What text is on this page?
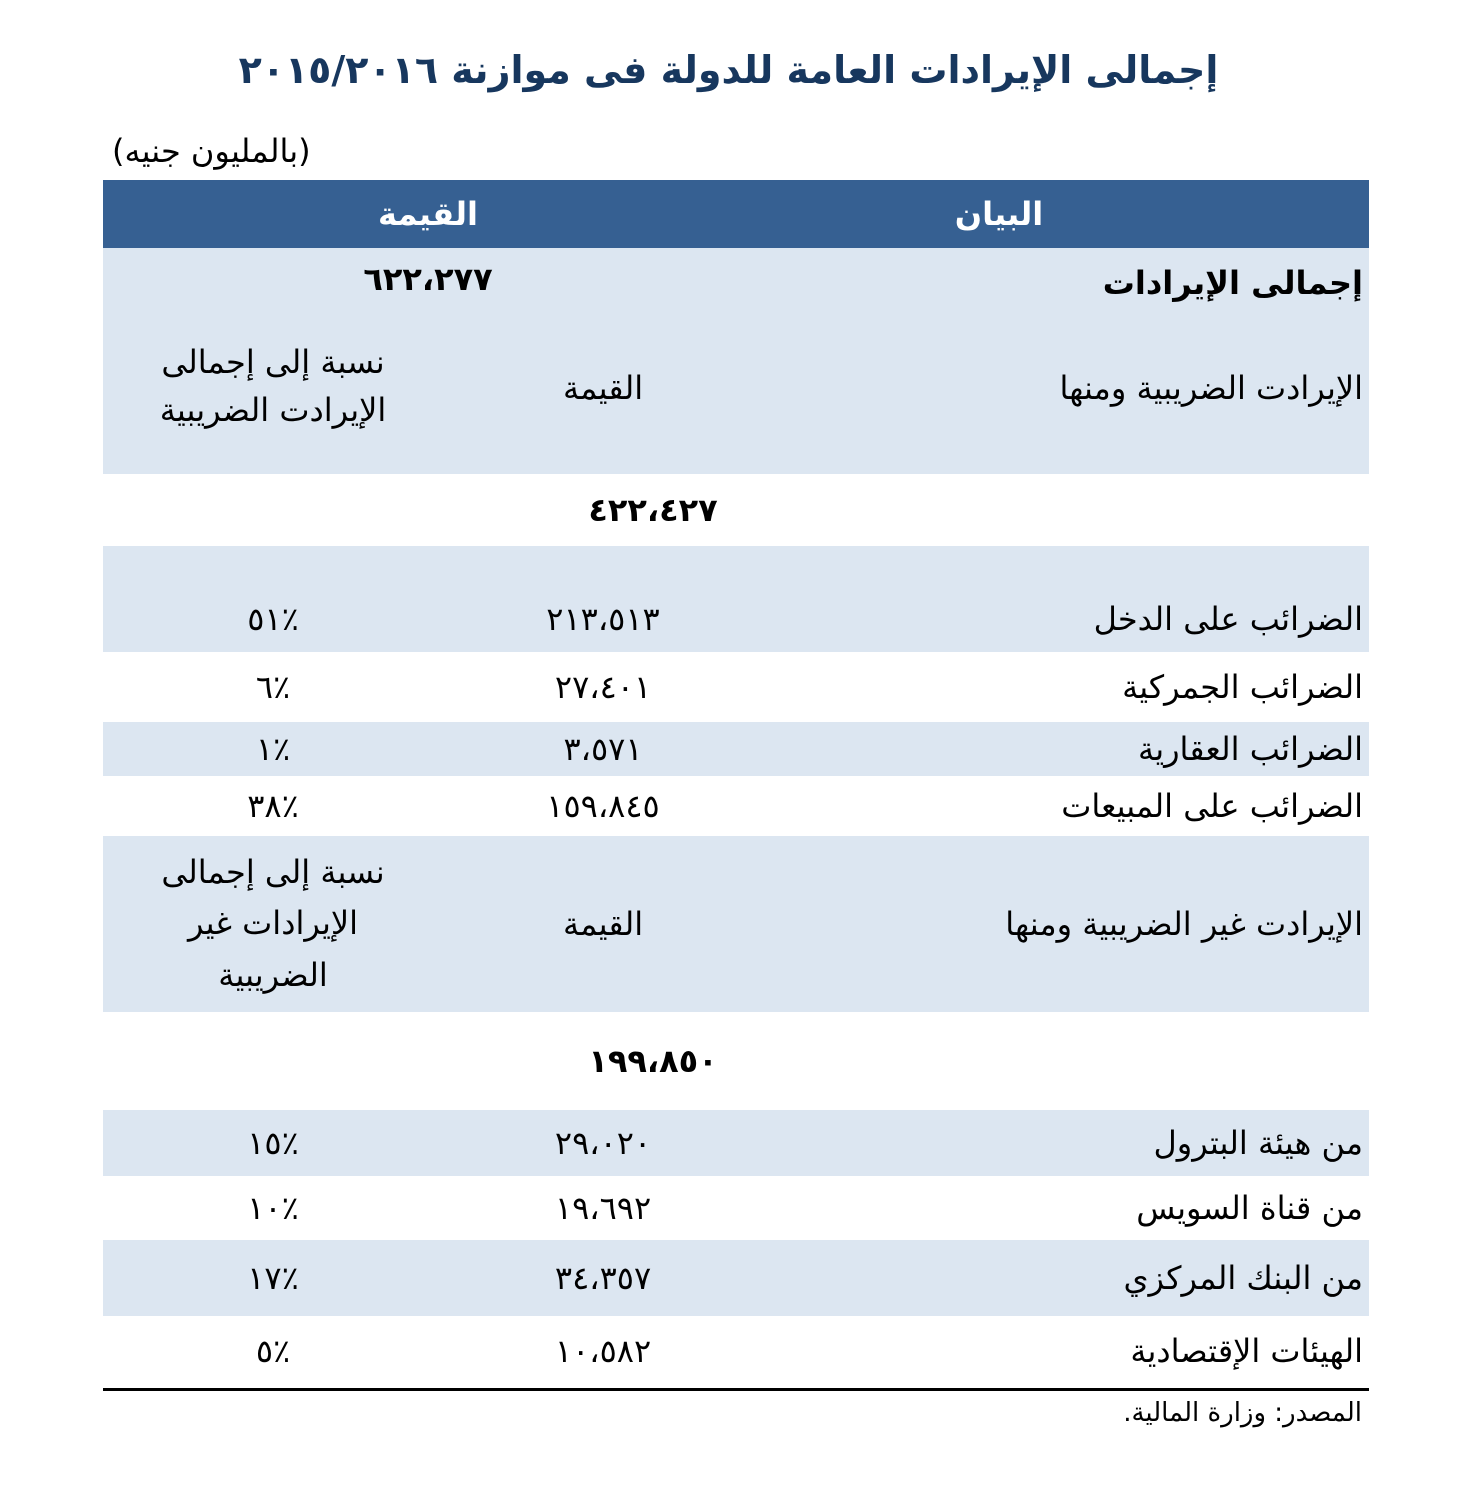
إجمالى الإيرادات العامة للدولة فى موازنة ٢٠١٥/٢٠١٦
(بالمليون جنيه)
البيان
القيمة
إجمالى الإيرادات
٦٢٢،٢٧٧
الإيرادت الضريبية ومنها
القيمة
نسبة إلى إجمالى الإيرادت الضريبية
٤٢٢،٤٢٧
الضرائب على الدخل
٢١٣،٥١٣
٪٥١
الضرائب الجمركية
٢٧،٤٠١
٪٦
الضرائب العقارية
٣،٥٧١
٪١
الضرائب على المبيعات
١٥٩،٨٤٥
٪٣٨
الإيرادت غير الضريبية ومنها
القيمة
نسبة إلى إجمالى الإيرادات غير الضريبية
١٩٩،٨٥٠
من هيئة البترول
٢٩،٠٢٠
٪١٥
من قناة السويس
١٩،٦٩٢
٪١٠
من البنك المركزي
٣٤،٣٥٧
٪١٧
الهيئات الإقتصادية
١٠،٥٨٢
٪٥
المصدر: وزارة المالية.
